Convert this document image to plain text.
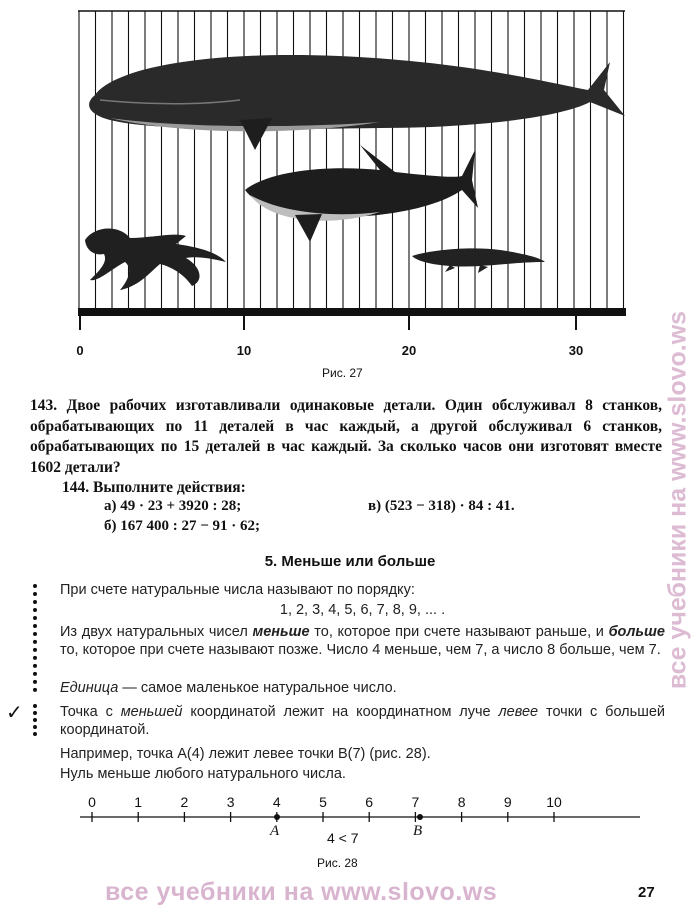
0	10	20	30
Рис. 27
143. Двое рабочих изготавливали одинаковые детали. Один обслуживал 8 станков, обрабатывающих по 11 деталей в час каждый, а другой обслуживал 6 станков, обрабатывающих по 15 деталей в час каждый. За сколько часов они изготовят вместе 1602 детали?
144. Выполните действия:
а) 49 · 23 + 3920 : 28;
б) 167 400 : 27 − 91 · 62;
в) (523 − 318) · 84 : 41.
5. Меньше или больше
✓
При счете натуральные числа называют по порядку:
1, 2, 3, 4, 5, 6, 7, 8, 9, ... .
Из двух натуральных чисел меньше то, которое при счете называют раньше, и больше то, которое при счете называют позже. Число 4 меньше, чем 7, а число 8 больше, чем 7.
Единица — самое маленькое натуральное число.
Точка с меньшей координатой лежит на координатном луче левее точки с большей координатой.
Например, точка A(4) лежит левее точки B(7) (рис. 28).
Нуль меньше любого натурального числа.
0	1	2	3	4	5	6	7	8	9 10
A	B
4 < 7
Рис. 28
все учебники на www.slovo.ws
все учебники на www.slovo.ws
27
